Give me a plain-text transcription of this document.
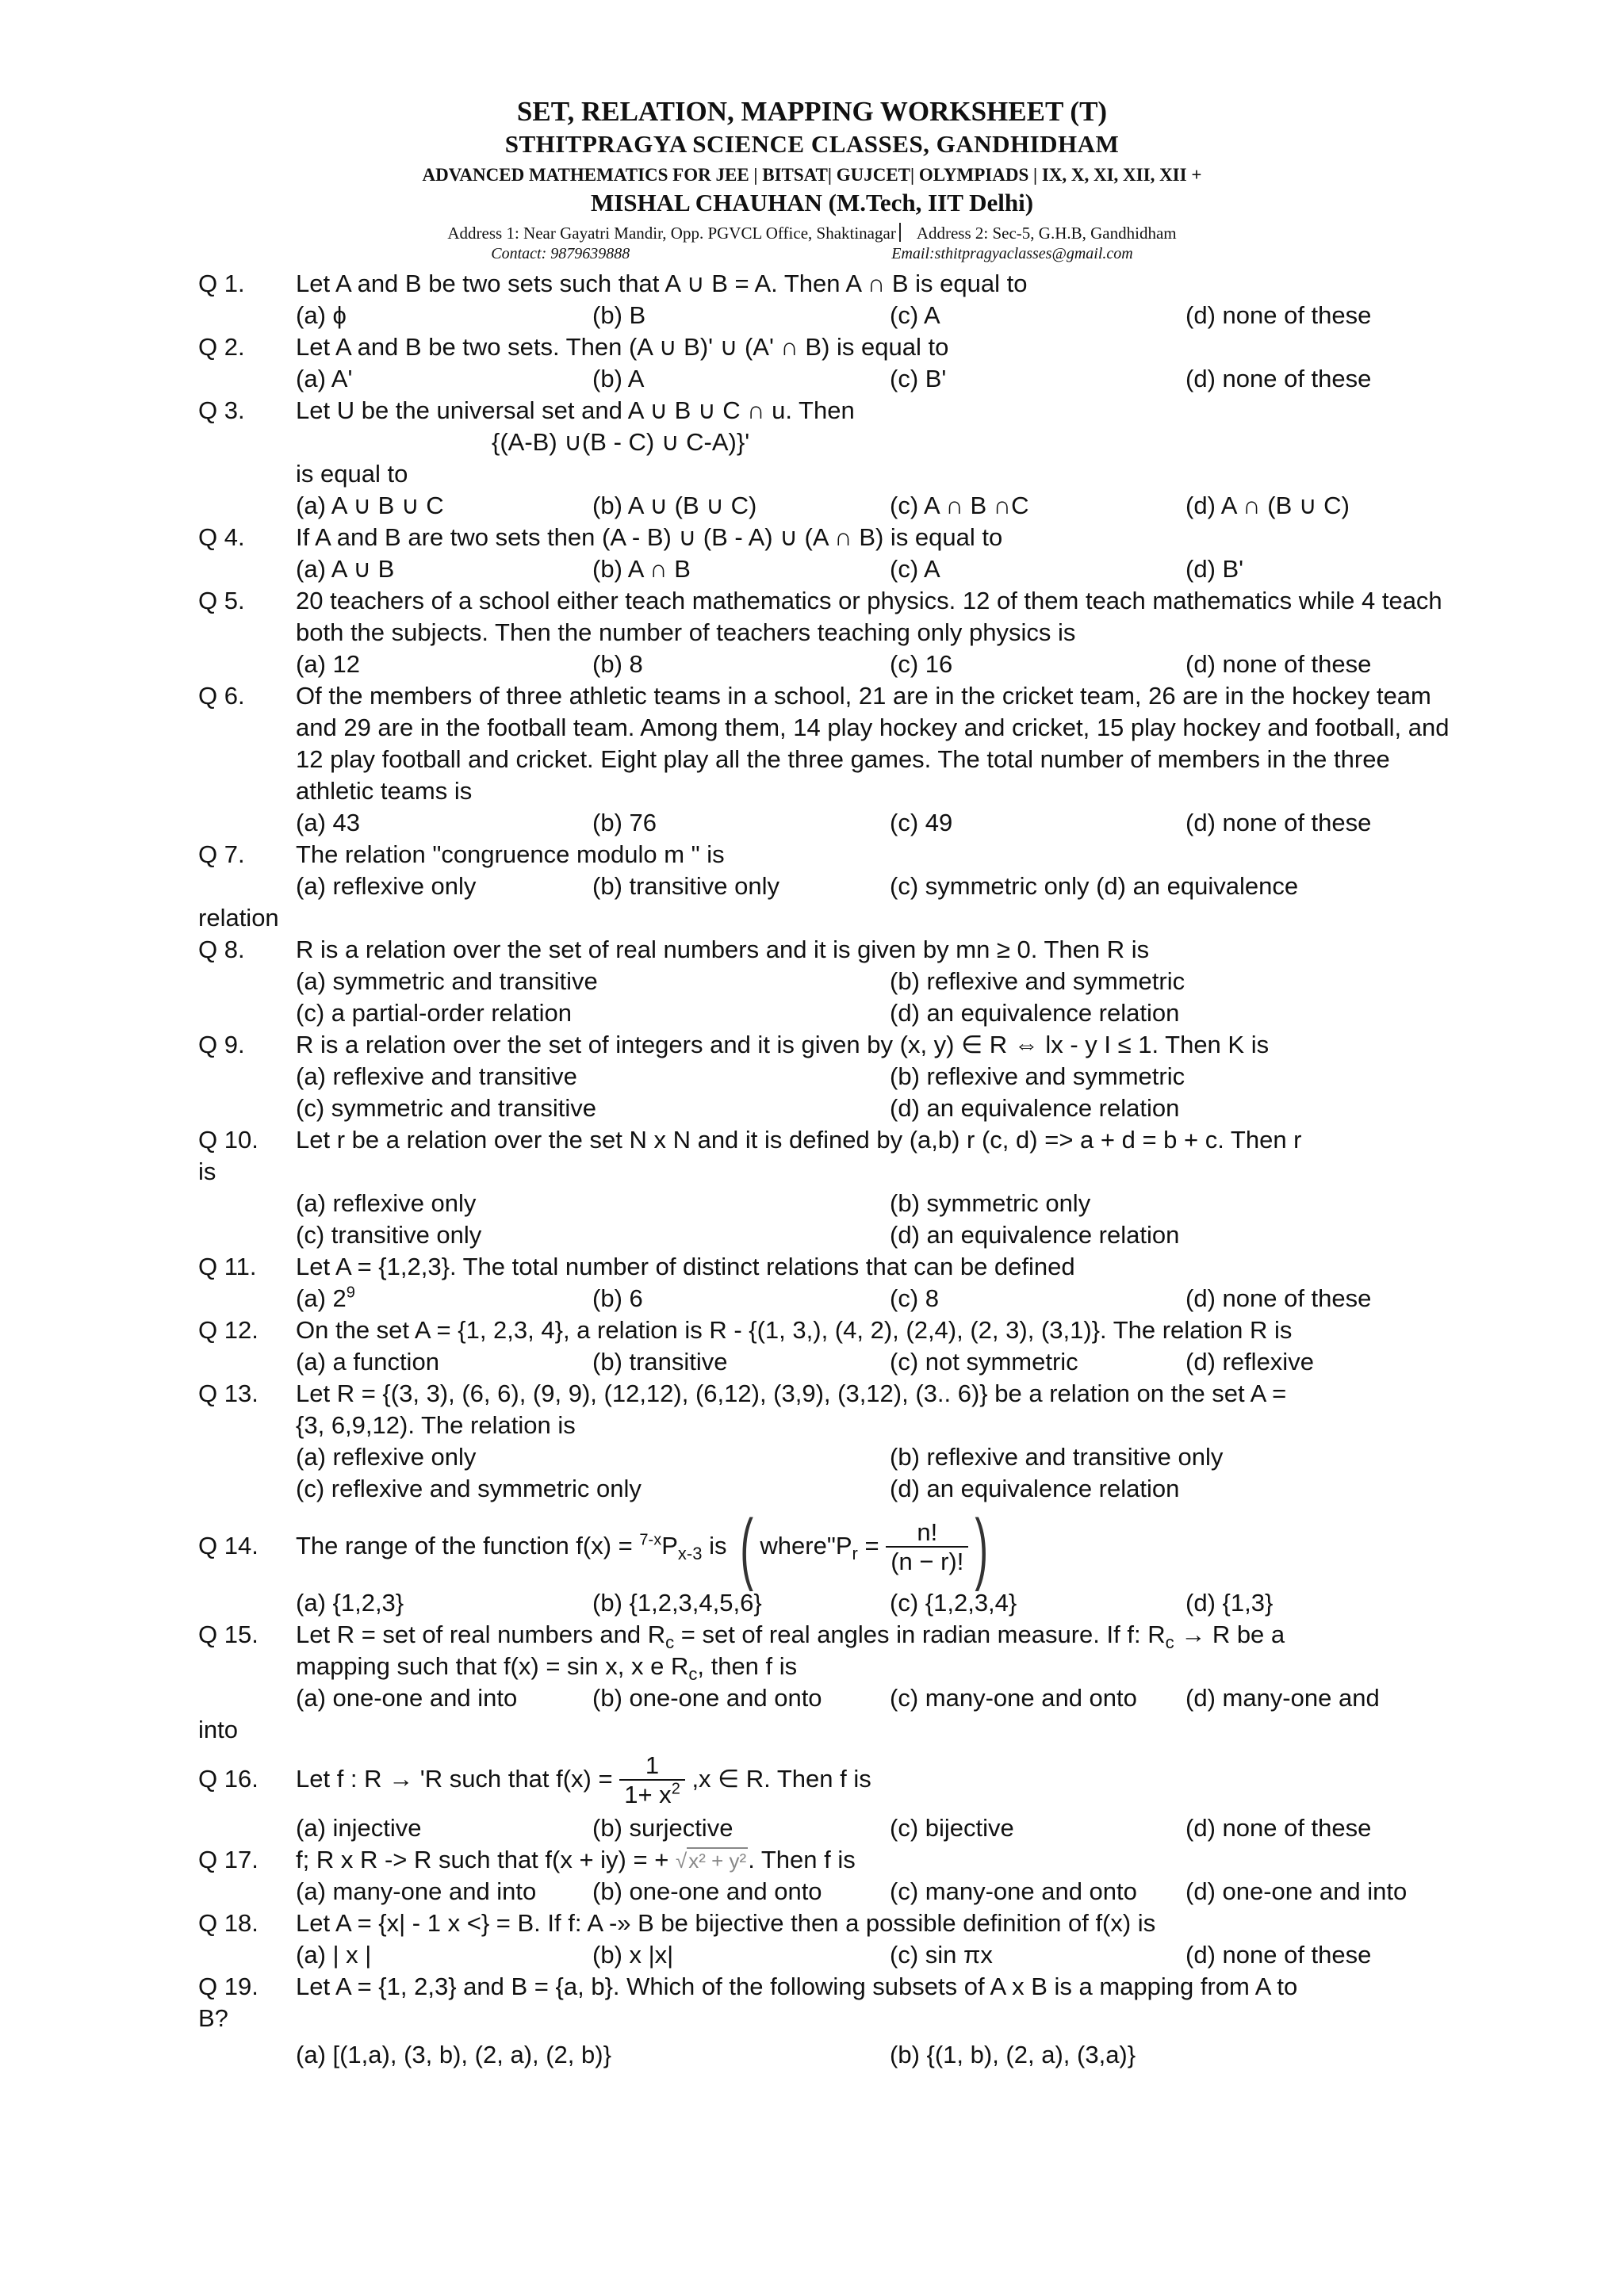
SET, RELATION, MAPPING WORKSHEET (T)

STHITPRAGYA SCIENCE CLASSES, GANDHIDHAM

ADVANCED MATHEMATICS FOR JEE | BITSAT| GUJCET| OLYMPIADS | IX, X, XI, XII, XII +

MISHAL CHAUHAN (M.Tech, IIT Delhi)

Address 1: Near Gayatri Mandir, Opp. PGVCL Office, Shaktinagar Address 2: Sec-5, G.H.B, Gandhidham

Contact: 9879639888	Email:sthitpragyaclasses@gmail.com

Q 1. Let A and B be two sets such that A ∪ B = A. Then A ∩ B is equal to
(a) ϕ	(b) B	(c) A	(d) none of these
Q 2. Let A and B be two sets. Then (A ∪ B)' ∪ (A' ∩ B) is equal to
(a) A'	(b) A	(c) B'	(d) none of these
Q 3. Let U be the universal set and A ∪ B ∪ C ∩ u. Then
{(A-B) ∪(B - C) ∪ C-A)}'
is equal to
(a) A ∪ B ∪ C	(b) A ∪ (B ∪ C)	(c) A ∩ B ∩C	(d) A ∩ (B ∪ C)
Q 4. If A and B are two sets then (A - B) ∪ (B - A) ∪ (A ∩ B) is equal to
(a) A ∪ B	(b) A ∩ B	(c) A	(d) B'
Q 5. 20 teachers of a school either teach mathematics or physics. 12 of them teach mathematics while 4 teach both the subjects. Then the number of teachers teaching only physics is
(a) 12	(b) 8	(c) 16	(d) none of these
Q 6. Of the members of three athletic teams in a school, 21 are in the cricket team, 26 are in the hockey team and 29 are in the football team. Among them, 14 play hockey and cricket, 15 play hockey and football, and 12 play football and cricket. Eight play all the three games. The total number of members in the three athletic teams is
(a) 43	(b) 76	(c) 49	(d) none of these
Q 7. The relation "congruence modulo m " is
(a) reflexive only	(b) transitive only	(c) symmetric only (d) an equivalence
relation
Q 8. R is a relation over the set of real numbers and it is given by mn ≥ 0. Then R is
(a) symmetric and transitive	(b) reflexive and symmetric
(c) a partial-order relation	(d) an equivalence relation
Q 9. R is a relation over the set of integers and it is given by (x, y) ∈ R ⇔ lx - y I ≤ 1. Then K is
(a) reflexive and transitive	(b) reflexive and symmetric
(c) symmetric and transitive	(d) an equivalence relation
Q 10. Let r be a relation over the set N x N and it is defined by (a,b) r (c, d) => a + d = b + c. Then r
is
(a) reflexive only	(b) symmetric only
(c) transitive only	(d) an equivalence relation
Q 11. Let A = {1,2,3}. The total number of distinct relations that can be defined
(a) $2^9$	(b) 6	(c) 8	(d) none of these
Q 12. On the set A = {1, 2,3, 4}, a relation is R - {(1, 3,), (4, 2), (2,4), (2, 3), (3,1)}. The relation R is
(a) a function	(b) transitive	(c) not symmetric	(d) reflexive
Q 13. Let R = {(3, 3), (6, 6), (9, 9), (12,12), (6,12), (3,9), (3,12), (3.. 6)} be a relation on the set A =
{3, 6,9,12). The relation is
(a) reflexive only	(b) reflexive and transitive only
(c) reflexive and symmetric only	(d) an equivalence relation
Q 14. The range of the function $f(x) = ^{7-x}P_{x-3}$ is ( $where"P_r = \frac{n!}{(n - r)!}$ )
(a) {1,2,3}	(b) {1,2,3,4,5,6}	(c) {1,2,3,4}	(d) {1,3}
Q 15. Let R = set of real numbers and $R_c$ = set of real angles in radian measure. If f: $R_c \to R$ be a
mapping such that f(x) = sin x, x e $R_c$, then f is
(a) one-one and into	(b) one-one and onto	(c) many-one and onto (d) many-one and
into
Q 16. Let f : R → 'R such that $f(x) = \frac{1}{1+ x^2} ,x$ ∈ R. Then f is
(a) injective	(b) surjective	(c) bijective	(d) none of these
Q 17. f; R x R -> R such that f(x + iy) = + √x² + y². Then f is
(a) many-one and into (b) one-one and onto	(c) many-one and onto (d) one-one and into
Q 18. Let A = {x| - 1 x <} = B. If f: A -» B be bijective then a possible definition of f(x) is
(a) | x |	(b) x |x|	(c) sin πx	(d) none of these
Q 19. Let A = {1, 2,3} and B = {a, b}. Which of the following subsets of A x B is a mapping from A to
B?
(a) [(1,a), (3, b), (2, a), (2, b)}	(b) {(1, b), (2, a), (3,a)}
